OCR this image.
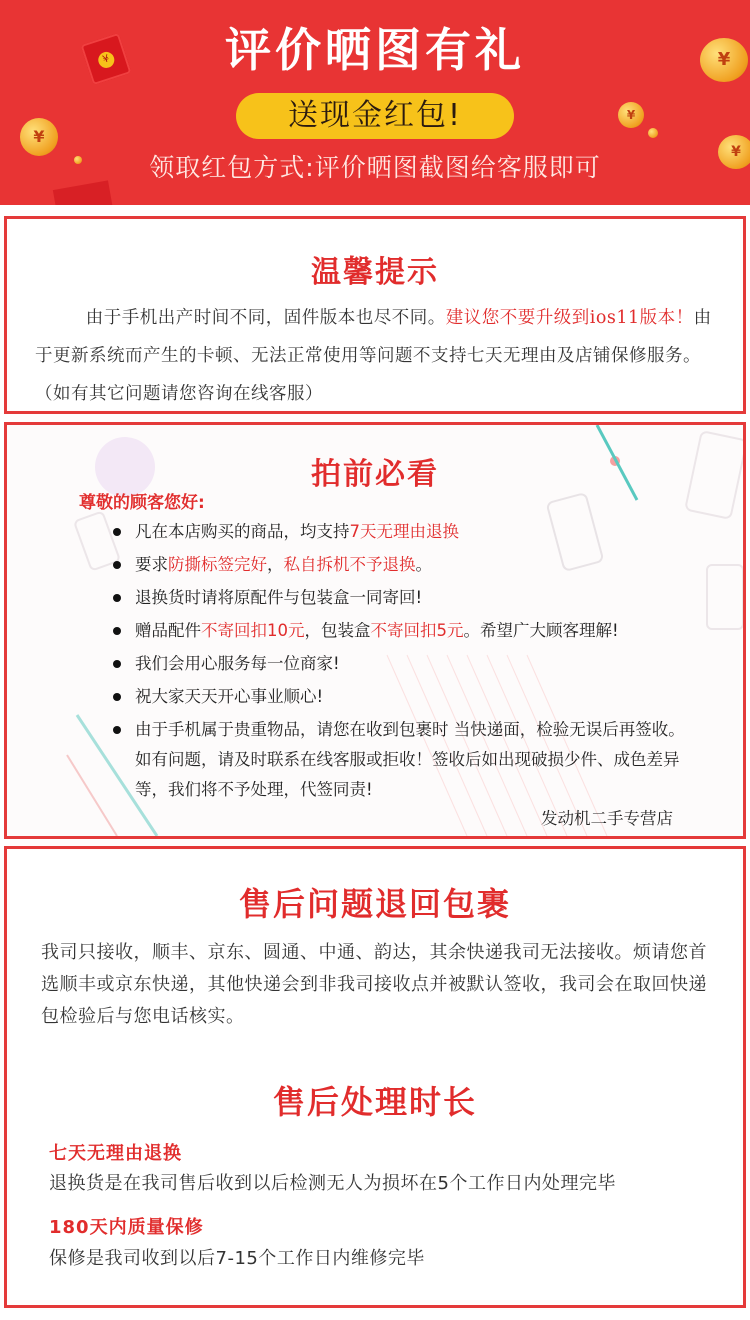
¥
¥
¥
¥
¥
评价晒图有礼
送现金红包!
领取红包方式:评价晒图截图给客服即可
温馨提示
由于手机出产时间不同，固件版本也尽不同。建议您不要升级到ios11版本！由于更新系统而产生的卡顿、无法正常使用等问题不支持七天无理由及店铺保修服务。（如有其它问题请您咨询在线客服）
拍前必看
尊敬的顾客您好:
凡在本店购买的商品，均支持7天无理由退换
要求防撕标签完好，私自拆机不予退换。
退换货时请将原配件与包装盒一同寄回!
赠品配件不寄回扣10元，包装盒不寄回扣5元。希望广大顾客理解!
我们会用心服务每一位商家!
祝大家天天开心事业顺心!
由于手机属于贵重物品，请您在收到包裹时 当快递面，检验无误后再签收。 如有问题，请及时联系在线客服或拒收！签收后如出现破损少件、成色差异等，我们将不予处理，代签同责!
发动机二手专营店
售后问题退回包裹
我司只接收，顺丰、京东、圆通、中通、韵达，其余快递我司无法接收。烦请您首选顺丰或京东快递，其他快递会到非我司接收点并被默认签收，我司会在取回快递包检验后与您电话核实。
售后处理时长
七天无理由退换
退换货是在我司售后收到以后检测无人为损坏在5个工作日内处理完毕
180天内质量保修
保修是我司收到以后7-15个工作日内维修完毕
